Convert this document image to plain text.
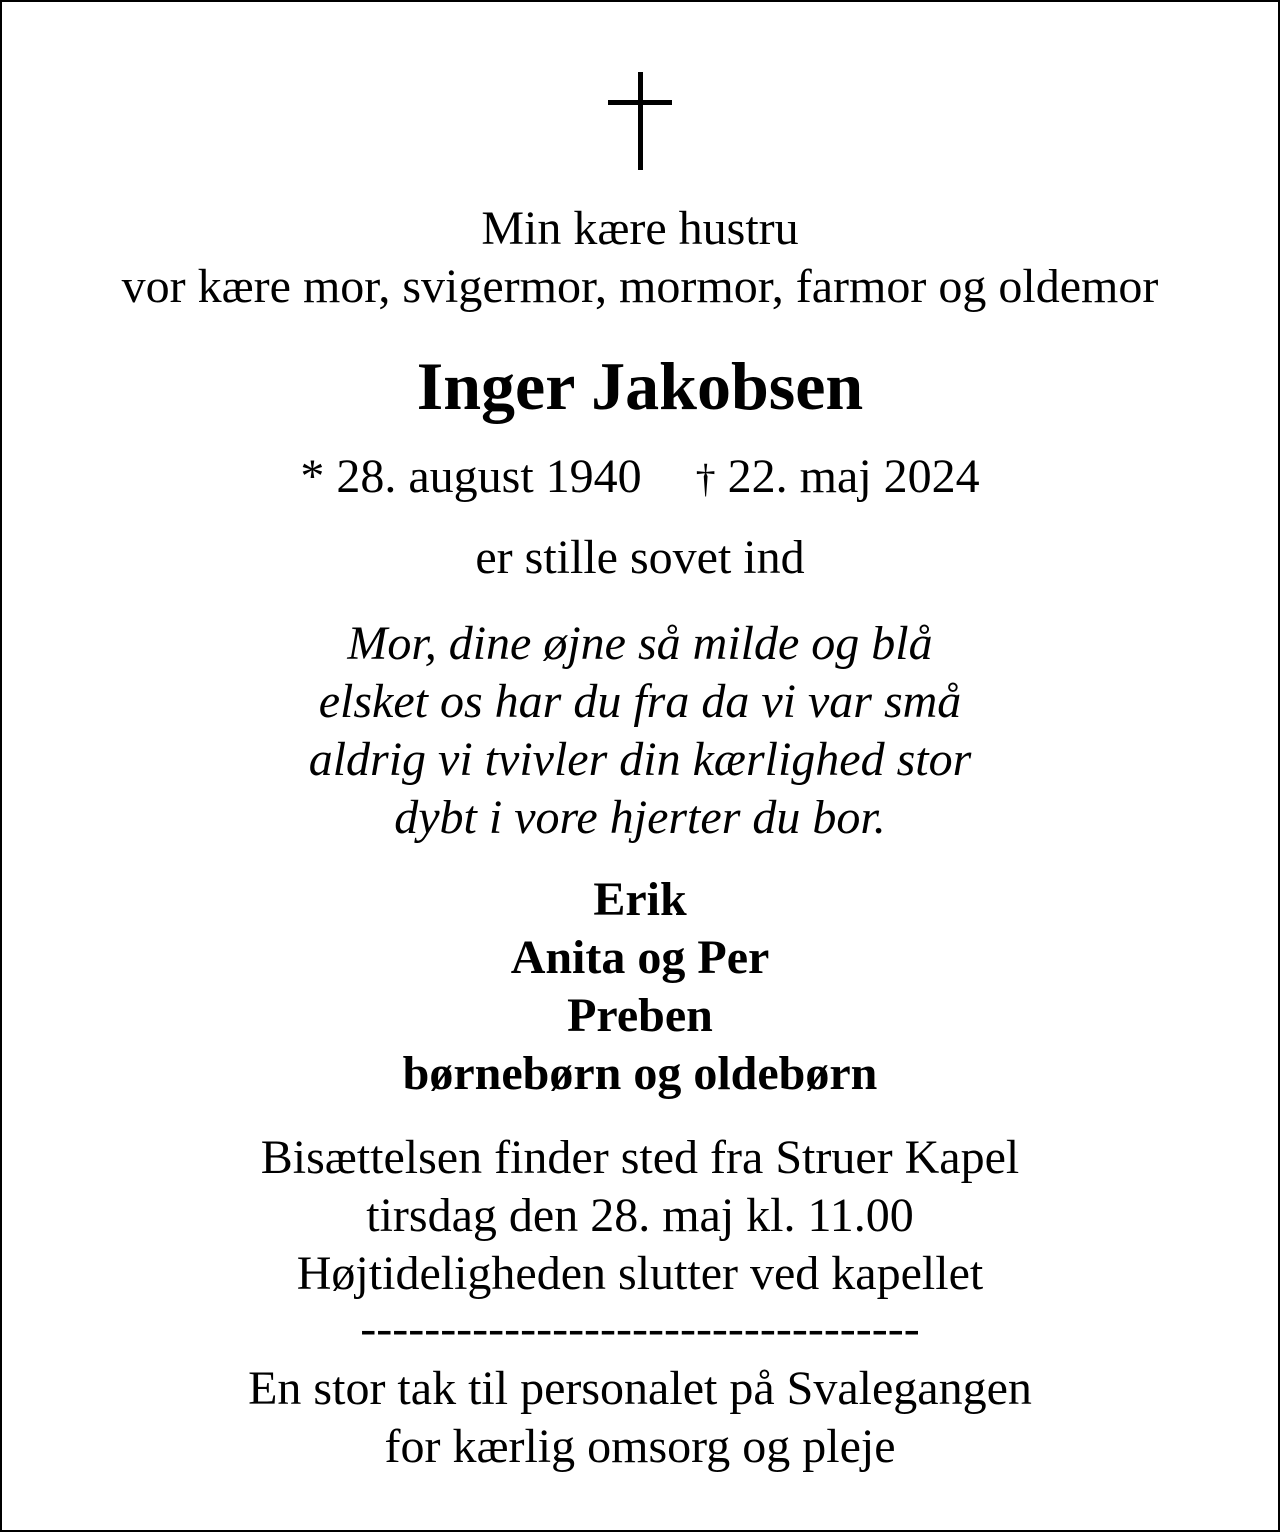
Min kære hustru
vor kære mor, svigermor, mormor, farmor og oldemor
Inger Jakobsen
* 28. august 1940 † 22. maj 2024
er stille sovet ind
Mor, dine øjne så milde og blå
elsket os har du fra da vi var små
aldrig vi tvivler din kærlighed stor
dybt i vore hjerter du bor.
Erik
Anita og Per
Preben
børnebørn og oldebørn
Bisættelsen finder sted fra Struer Kapel
tirsdag den 28. maj kl. 11.00
Højtideligheden slutter ved kapellet
-----------------------------------
En stor tak til personalet på Svalegangen
for kærlig omsorg og pleje
